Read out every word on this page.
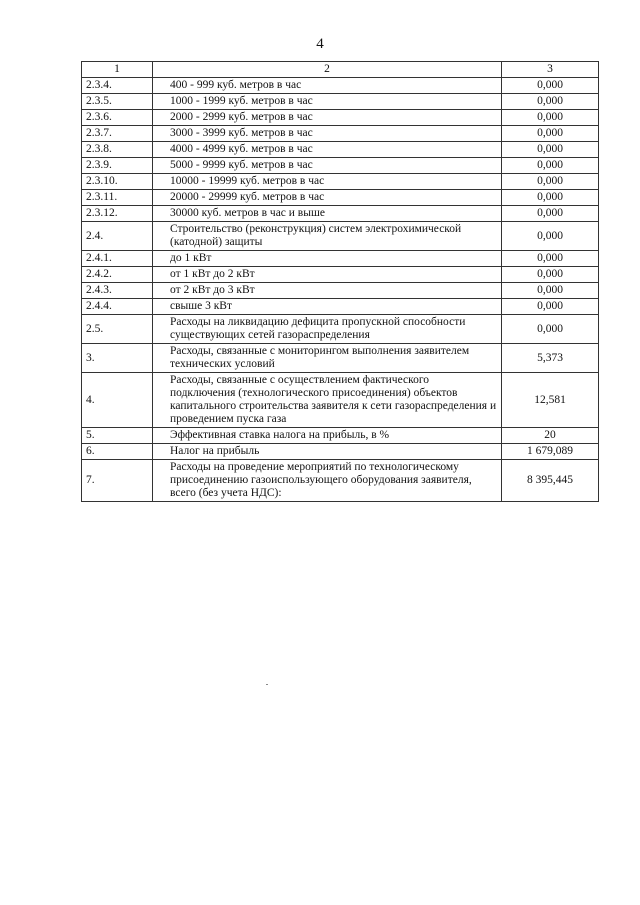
4
1	2	3
2.3.4.	400 - 999 куб. метров в час	0,000
2.3.5.	1000 - 1999 куб. метров в час	0,000
2.3.6.	2000 - 2999 куб. метров в час	0,000
2.3.7.	3000 - 3999 куб. метров в час	0,000
2.3.8.	4000 - 4999 куб. метров в час	0,000
2.3.9.	5000 - 9999 куб. метров в час	0,000
2.3.10.	10000 - 19999 куб. метров в час	0,000
2.3.11.	20000 - 29999 куб. метров в час	0,000
2.3.12.	30000 куб. метров в час и выше	0,000
2.4.	Строительство (реконструкция) систем электрохимической (катодной) защиты	0,000
2.4.1.	до 1 кВт	0,000
2.4.2.	от 1 кВт до 2 кВт	0,000
2.4.3.	от 2 кВт до 3 кВт	0,000
2.4.4.	свыше 3 кВт	0,000
2.5.	Расходы на ликвидацию дефицита пропускной способности существующих сетей газораспределения	0,000
3.	Расходы, связанные с мониторингом выполнения заявителем технических условий	5,373
4.	Расходы, связанные с осуществлением фактического подключения (технологического присоединения) объектов капитального строительства заявителя к сети газораспределения и проведением пуска газа	12,581
5.	Эффективная ставка налога на прибыль, в %	20
6.	Налог на прибыль	1 679,089
7.	Расходы на проведение мероприятий по технологическому присоединению газоиспользующего оборудования заявителя, всего (без учета НДС):	8 395,445
